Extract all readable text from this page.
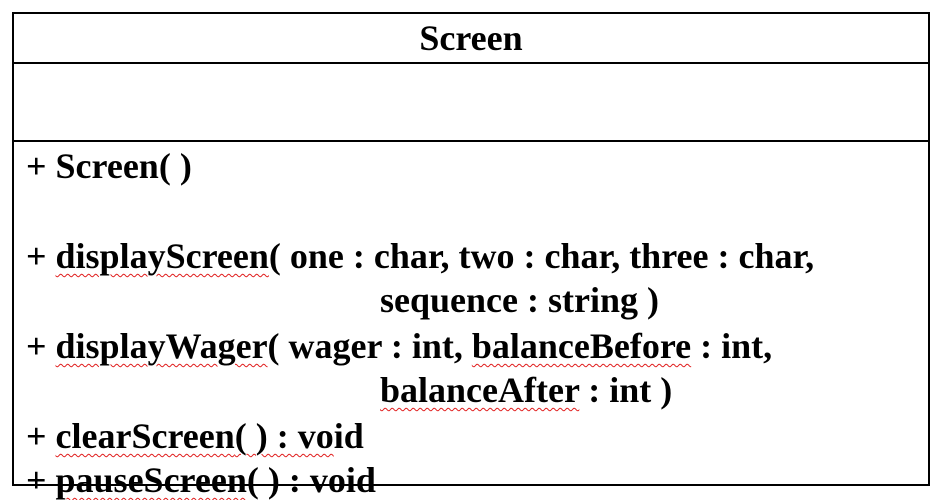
Screen
+ Screen( )
+ displayScreen( one : char, two : char, three : char,
sequence : string )
+ displayWager( wager : int, balanceBefore : int,
balanceAfter : int )
+ clearScreen( ) : void
+ pauseScreen( ) : void
